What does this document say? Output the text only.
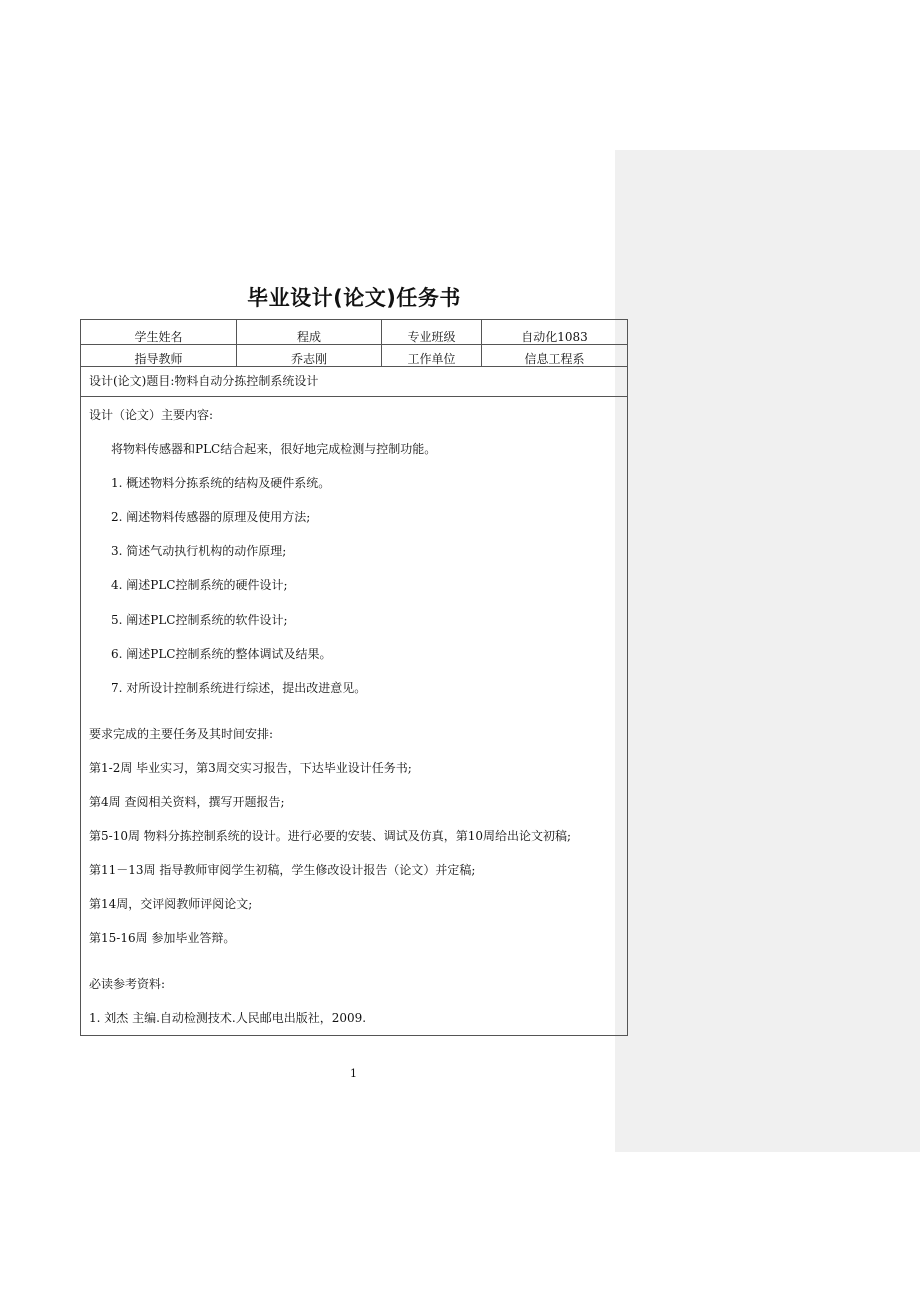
毕业设计(论文)任务书
学生姓名	程成	专业班级	自动化1083
指导教师	乔志刚	工作单位	信息工程系
设计(论文)题目:物料自动分拣控制系统设计
设计（论文）主要内容:
将物料传感器和PLC结合起来，很好地完成检测与控制功能。
1. 概述物料分拣系统的结构及硬件系统。
2. 阐述物料传感器的原理及使用方法;
3. 简述气动执行机构的动作原理;
4. 阐述PLC控制系统的硬件设计;
5. 阐述PLC控制系统的软件设计;
6. 阐述PLC控制系统的整体调试及结果。
7. 对所设计控制系统进行综述，提出改进意见。
要求完成的主要任务及其时间安排:
第1-2周 毕业实习，第3周交实习报告，下达毕业设计任务书;
第4周 查阅相关资料，撰写开题报告;
第5-10周 物料分拣控制系统的设计。进行必要的安装、调试及仿真，第10周给出论文初稿;
第11－13周 指导教师审阅学生初稿，学生修改设计报告（论文）并定稿;
第14周，交评阅教师评阅论文;
第15-16周 参加毕业答辩。
必读参考资料:
1. 刘杰 主编.自动检测技术.人民邮电出版社，2009.
1
